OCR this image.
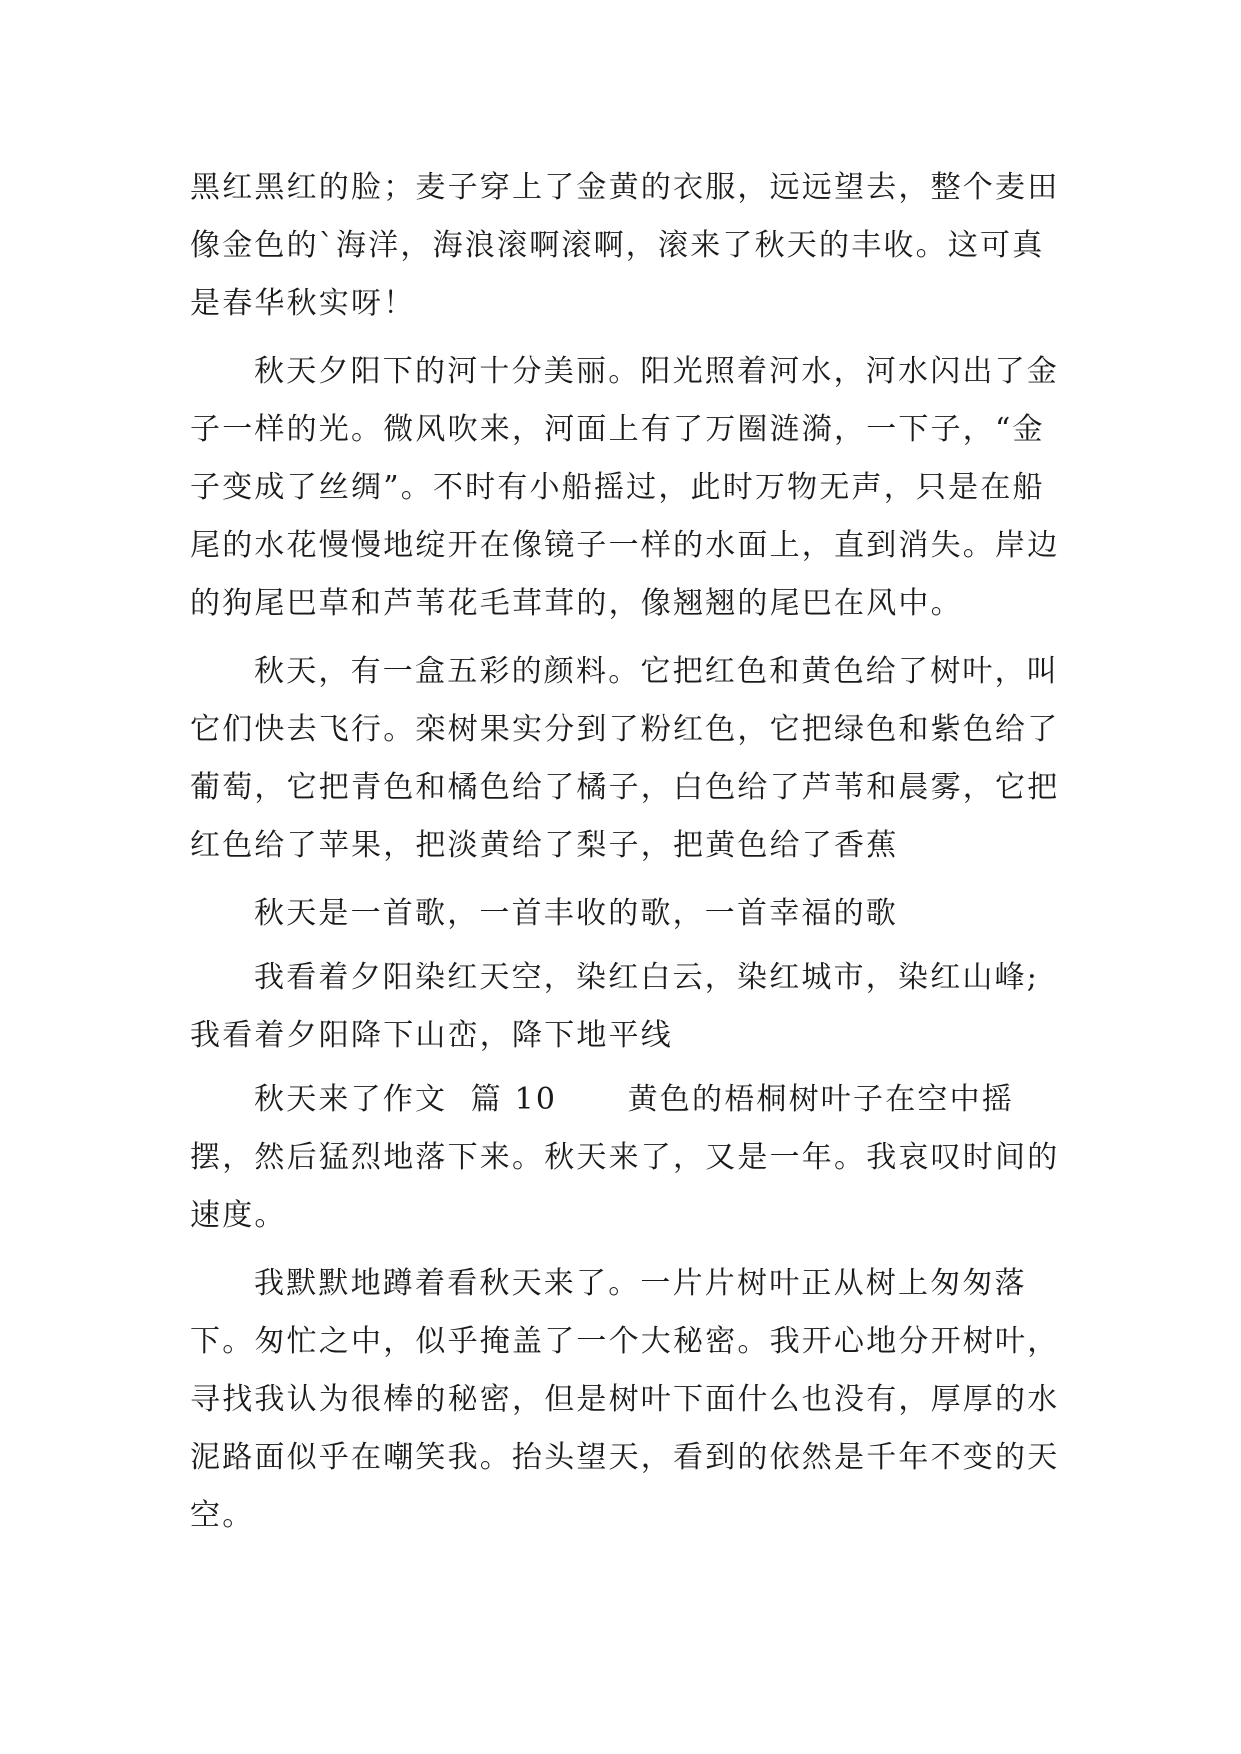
黑红黑红的脸；麦子穿上了金黄的衣服，远远望去，整个麦田像金色的`海洋，海浪滚啊滚啊，滚来了秋天的丰收。这可真是春华秋实呀！

秋天夕阳下的河十分美丽。阳光照着河水，河水闪出了金子一样的光。微风吹来，河面上有了万圈涟漪，一下子，“金子变成了丝绸”。不时有小船摇过，此时万物无声，只是在船尾的水花慢慢地绽开在像镜子一样的水面上，直到消失。岸边的狗尾巴草和芦苇花毛茸茸的，像翘翘的尾巴在风中。

秋天，有一盒五彩的颜料。它把红色和黄色给了树叶，叫它们快去飞行。栾树果实分到了粉红色，它把绿色和紫色给了葡萄，它把青色和橘色给了橘子，白色给了芦苇和晨雾，它把红色给了苹果，把淡黄给了梨子，把黄色给了香蕉

秋天是一首歌，一首丰收的歌，一首幸福的歌

我看着夕阳染红天空，染红白云，染红城市，染红山峰;我看着夕阳降下山峦，降下地平线

秋天来了作文  篇 10      黄色的梧桐树叶子在空中摇摆，然后猛烈地落下来。秋天来了，又是一年。我哀叹时间的速度。

我默默地蹲着看秋天来了。一片片树叶正从树上匆匆落下。匆忙之中，似乎掩盖了一个大秘密。我开心地分开树叶，寻找我认为很棒的秘密，但是树叶下面什么也没有，厚厚的水泥路面似乎在嘲笑我。抬头望天，看到的依然是千年不变的天空。
